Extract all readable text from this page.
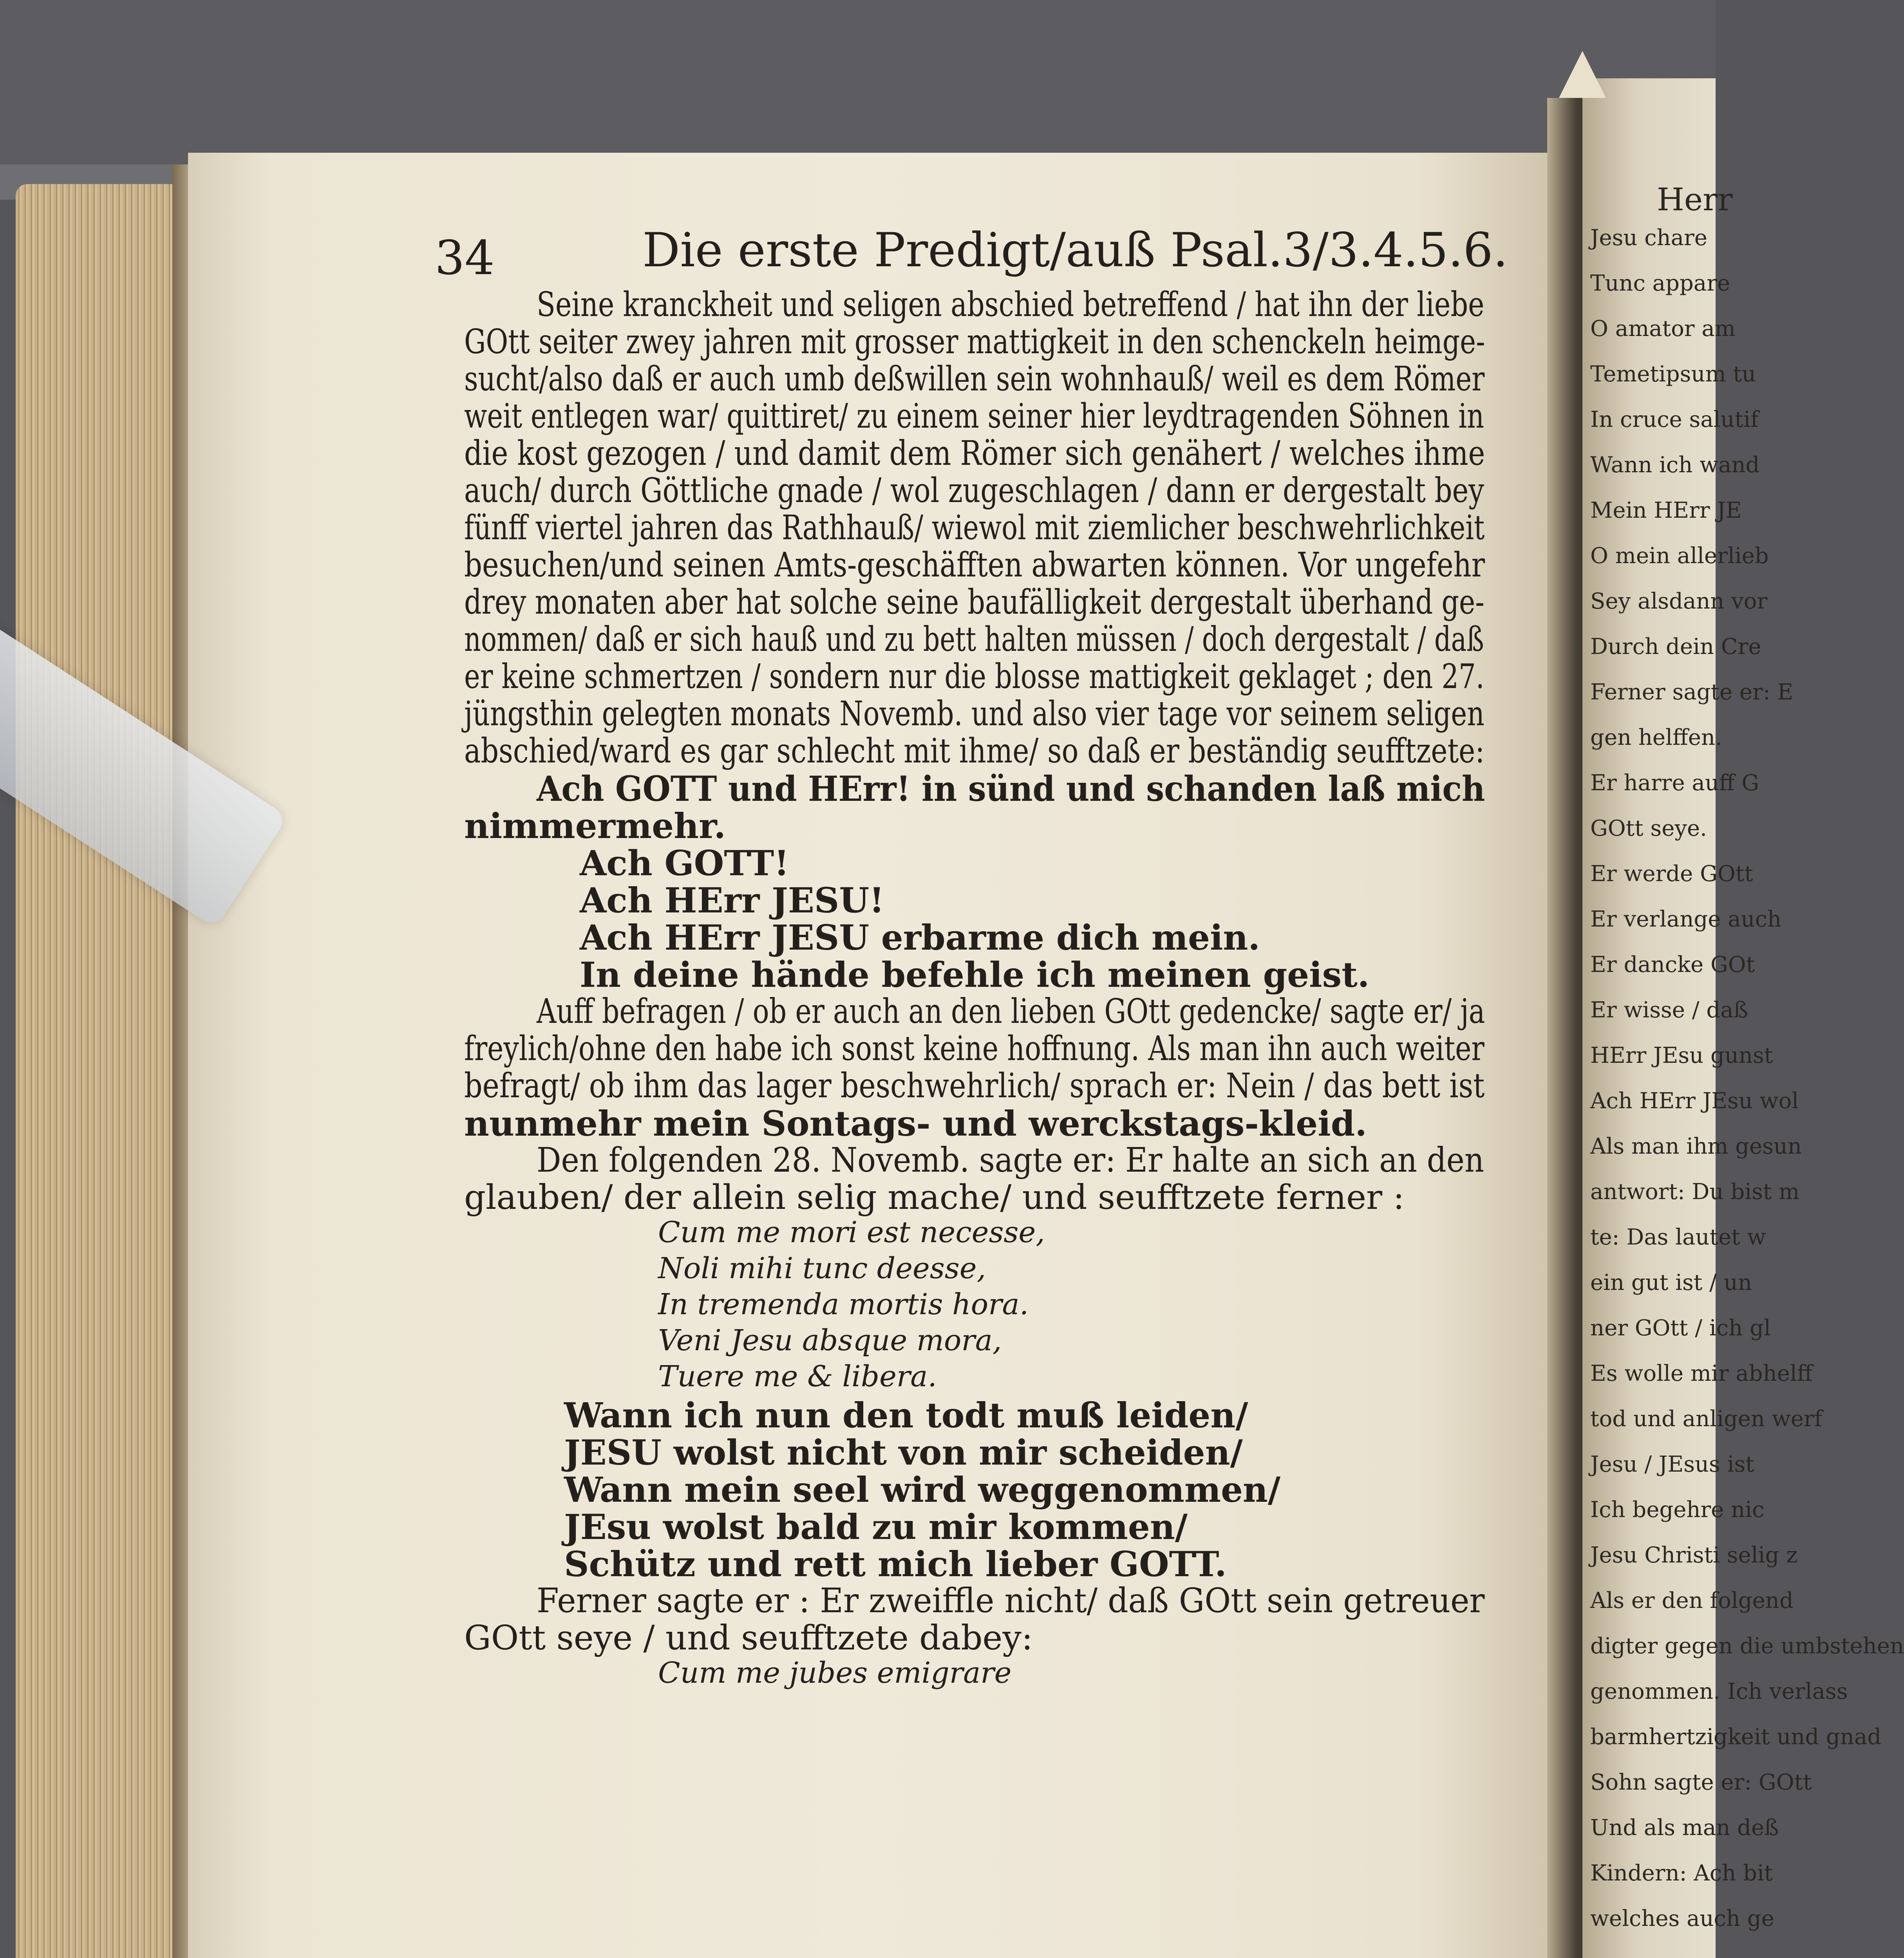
34	Die erste Predigt/auß Psal.3/3.4.5.6.
Seine kranckheit und seligen abschied betreffend / hat ihn der liebe
GOtt seiter zwey jahren mit grosser mattigkeit in den schenckeln heimge-
sucht/also daß er auch umb deßwillen sein wohnhauß/ weil es dem Römer
weit entlegen war/ quittiret/ zu einem seiner hier leydtragenden Söhnen in
die kost gezogen / und damit dem Römer sich genähert / welches ihme
auch/ durch Göttliche gnade / wol zugeschlagen / dann er dergestalt bey
fünff viertel jahren das Rathhauß/ wiewol mit ziemlicher beschwehrlichkeit
besuchen/und seinen Amts-geschäfften abwarten können. Vor ungefehr
drey monaten aber hat solche seine baufälligkeit dergestalt überhand ge-
nommen/ daß er sich hauß und zu bett halten müssen / doch dergestalt / daß
er keine schmertzen / sondern nur die blosse mattigkeit geklaget ; den 27.
jüngsthin gelegten monats Novemb. und also vier tage vor seinem seligen
abschied/ward es gar schlecht mit ihme/ so daß er beständig seufftzete:
Ach GOTT und HErr! in sünd und schanden laß mich
nimmermehr.
Ach GOTT!
Ach HErr JESU!
Ach HErr JESU erbarme dich mein.
In deine hände befehle ich meinen geist.
Auff befragen / ob er auch an den lieben GOtt gedencke/ sagte er/ ja
freylich/ohne den habe ich sonst keine hoffnung. Als man ihn auch weiter
befragt/ ob ihm das lager beschwehrlich/ sprach er: Nein / das bett ist
nunmehr mein Sontags- und werckstags-kleid.
Den folgenden 28. Novemb. sagte er: Er halte an sich an den
glauben/ der allein selig mache/ und seufftzete ferner :
Cum me mori est necesse,
Noli mihi tunc deesse,
In tremenda mortis hora.
Veni Jesu absque mora,
Tuere me & libera.
Wann ich nun den todt muß leiden/
JESU wolst nicht von mir scheiden/
Wann mein seel wird weggenommen/
JEsu wolst bald zu mir kommen/
Schütz und rett mich lieber GOTT.
Ferner sagte er : Er zweiffle nicht/ daß GOtt sein getreuer
GOtt seye / und seufftzete dabey:
Cum me jubes emigrare
Herr
Jesu chare
Tunc appare
O amator am
Temetipsum tu
In cruce salutif
Wann ich wand
Mein HErr JE
O mein allerlieb
Sey alsdann vor
Durch dein Cre
Ferner sagte er: E
gen helffen.
Er harre auff G
GOtt seye.
Er werde GOtt
Er verlange auch
Er dancke GOt
Er wisse / daß
HErr JEsu gunst
Ach HErr JEsu wol
Als man ihm gesun
antwort: Du bist m
te: Das lautet w
ein gut ist / un
ner GOtt / ich gl
Es wolle mir abhelff
tod und anligen werf
Jesu / JEsus ist
Ich begehre nic
Jesu Christi selig z
Als er den folgend
digter gegen die umbstehen
genommen. Ich verlass
barmhertzigkeit und gnad
Sohn sagte er: GOtt
Und als man deß
Kindern: Ach bit
welches auch ge
